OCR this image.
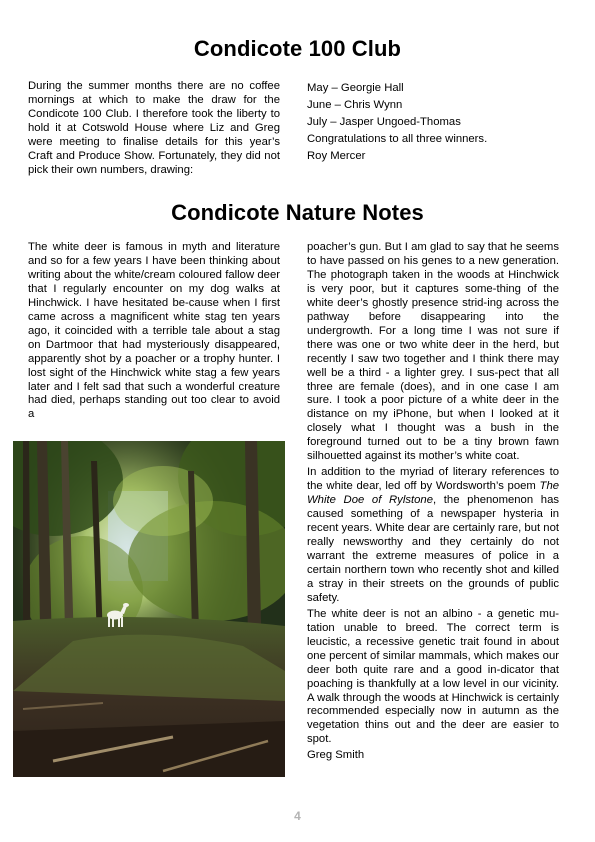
Condicote 100 Club

During the summer months there are no coffee mornings at which to make the draw for the Condicote 100 Club. I therefore took the liberty to hold it at Cotswold House where Liz and Greg were meeting to finalise details for this year’s Craft and Produce Show. Fortunately, they did not pick their own numbers, drawing:

May – Georgie Hall
June – Chris Wynn
July – Jasper Ungoed-Thomas
Congratulations to all three winners.
Roy Mercer
Condicote Nature Notes

The white deer is famous in myth and literature and so for a few years I have been thinking about writing about the white/cream coloured fallow deer that I regularly encounter on my dog walks at Hinchwick. I have hesitated be-cause when I first came across a magnificent white stag ten years ago, it coincided with a terrible tale about a stag on Dartmoor that had mysteriously disappeared, apparently shot by a poacher or a trophy hunter. I lost sight of the Hinchwick white stag a few years later and I felt sad that such a wonderful creature had died, perhaps standing out too clear to avoid a

poacher’s gun. But I am glad to say that he seems to have passed on his genes to a new generation. The photograph taken in the woods at Hinchwick is very poor, but it captures some-thing of the white deer’s ghostly presence strid-ing across the pathway before disappearing into the undergrowth. For a long time I was not sure if there was one or two white deer in the herd, but recently I saw two together and I think there may well be a third - a lighter grey. I sus-pect that all three are female (does), and in one case I am sure. I took a poor picture of a white deer in the distance on my iPhone, but when I looked at it closely what I thought was a bush in the foreground turned out to be a tiny brown fawn silhouetted against its mother’s white coat.

In addition to the myriad of literary references to the white dear, led off by Wordsworth’s poem The White Doe of Rylstone, the phenomenon has caused something of a newspaper hysteria in recent years. White dear are certainly rare, but not really newsworthy and they certainly do not warrant the extreme measures of police in a certain northern town who recently shot and killed a stray in their streets on the grounds of public safety.

The white deer is not an albino - a genetic mu-tation unable to breed. The correct term is leucistic, a recessive genetic trait found in about one percent of similar mammals, which makes our deer both quite rare and a good in-dicator that poaching is thankfully at a low level in our vicinity. A walk through the woods at Hinchwick is certainly recommended especially now in autumn as the vegetation thins out and the deer are easier to spot.

Greg Smith

4
